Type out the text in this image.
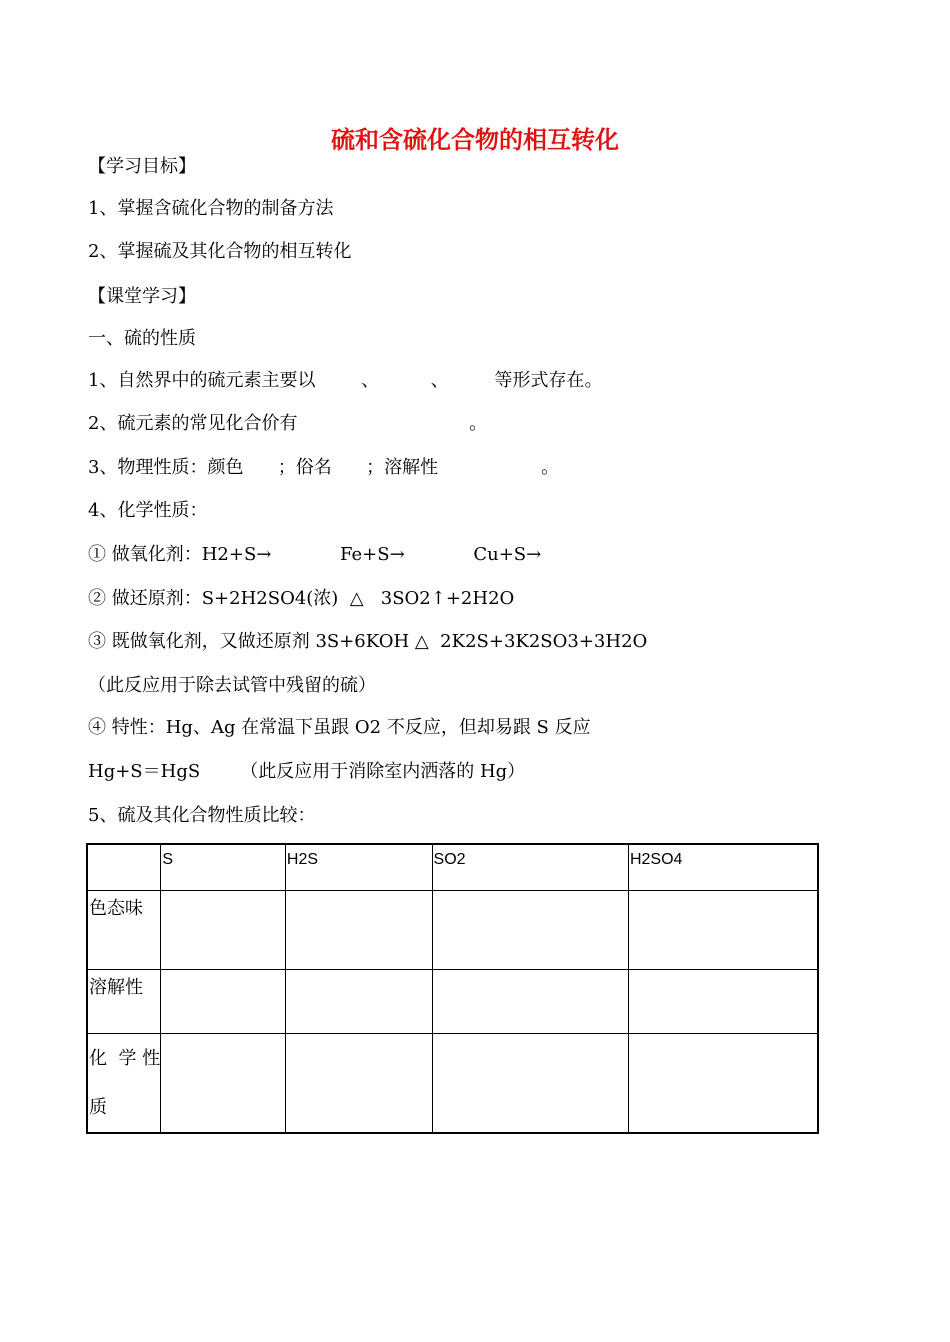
硫和含硫化合物的相互转化
【学习目标】
1、掌握含硫化合物的制备方法
2、掌握硫及其化合物的相互转化
【课堂学习】
一、硫的性质
1、自然界中的硫元素主要以        、         、        等形式存在。
2、硫元素的常见化合价有                              。
3、物理性质：颜色      ；俗名      ；溶解性                  。
4、化学性质：
① 做氧化剂：H2+S→            Fe+S→            Cu+S→
② 做还原剂：S+2H2SO4(浓)  △   3SO2↑+2H2O
③ 既做氧化剂，又做还原剂 3S+6KOH △  2K2S+3K2SO3+3H2O
（此反应用于除去试管中残留的硫）
④ 特性：Hg、Ag 在常温下虽跟 O2 不反应，但却易跟 S 反应
Hg+S＝HgS       （此反应用于消除室内洒落的 Hg）
5、硫及其化合物性质比较：
	S	H2S	SO2	H2SO4
色态味				
溶解性				
化  学 性质				
